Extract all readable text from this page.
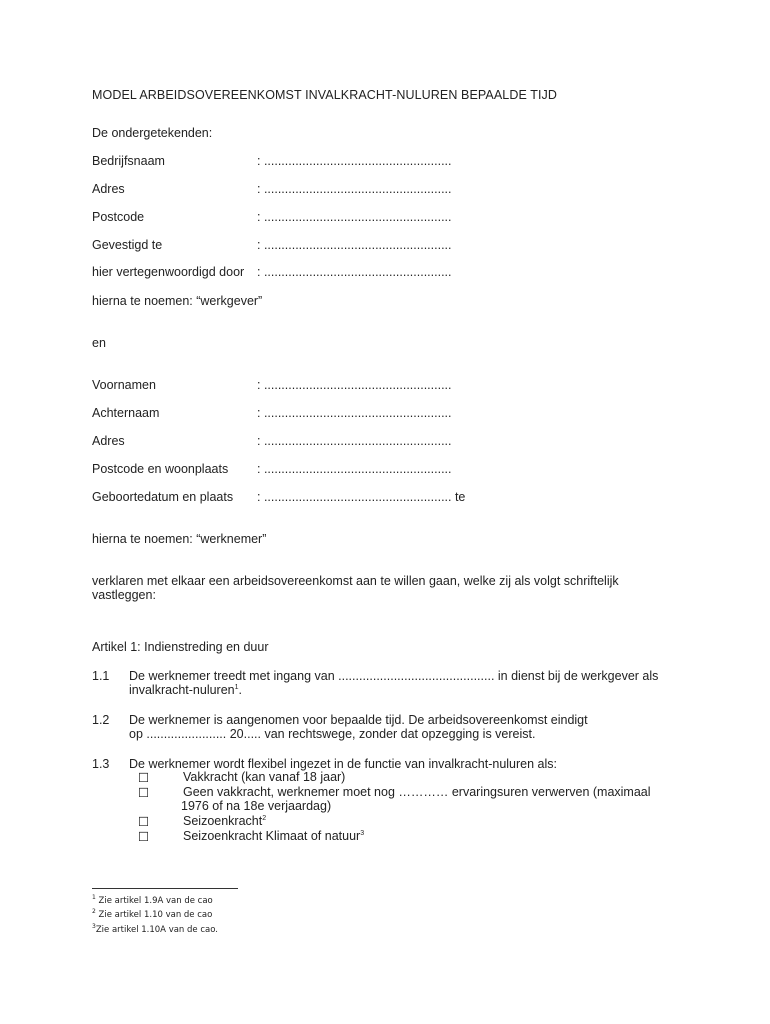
MODEL ARBEIDSOVEREENKOMST INVALKRACHT-NULUREN BEPAALDE TIJD
De ondergetekenden:
Bedrijfsnaam	: ......................................................
Adres	: ......................................................
Postcode	: ......................................................
Gevestigd te	: ......................................................
hier vertegenwoordigd door : ......................................................
hierna te noemen: “werkgever”
en
Voornamen	: ......................................................
Achternaam	: ......................................................
Adres	: ......................................................
Postcode en woonplaats : ......................................................
Geboortedatum en plaats : ...................................................... te
hierna te noemen: “werknemer”
verklaren met elkaar een arbeidsovereenkomst aan te willen gaan, welke zij als volgt schriftelijk
vastleggen:
Artikel 1: Indienstreding en duur
1.1 De werknemer treedt met ingang van ............................................. in dienst bij de werkgever als
invalkracht-nuluren$^1$.
1.2 De werknemer is aangenomen voor bepaalde tijd. De arbeidsovereenkomst eindigt
op ....................... 20..... van rechtswege, zonder dat opzegging is vereist.
1.3 De werknemer wordt flexibel ingezet in de functie van invalkracht-nuluren als:
☐	Vakkracht (kan vanaf 18 jaar)
☐	Geen vakkracht, werknemer moet nog ………… ervaringsuren verwerven (maximaal
1976 of na 18e verjaardag)
☐	Seizoenkracht$^2$
☐	Seizoenkracht Klimaat of natuur$^3$
$^1$ Zie artikel 1.9A van de cao
$^2$ Zie artikel 1.10 van de cao
$^3$Zie artikel 1.10A van de cao.
